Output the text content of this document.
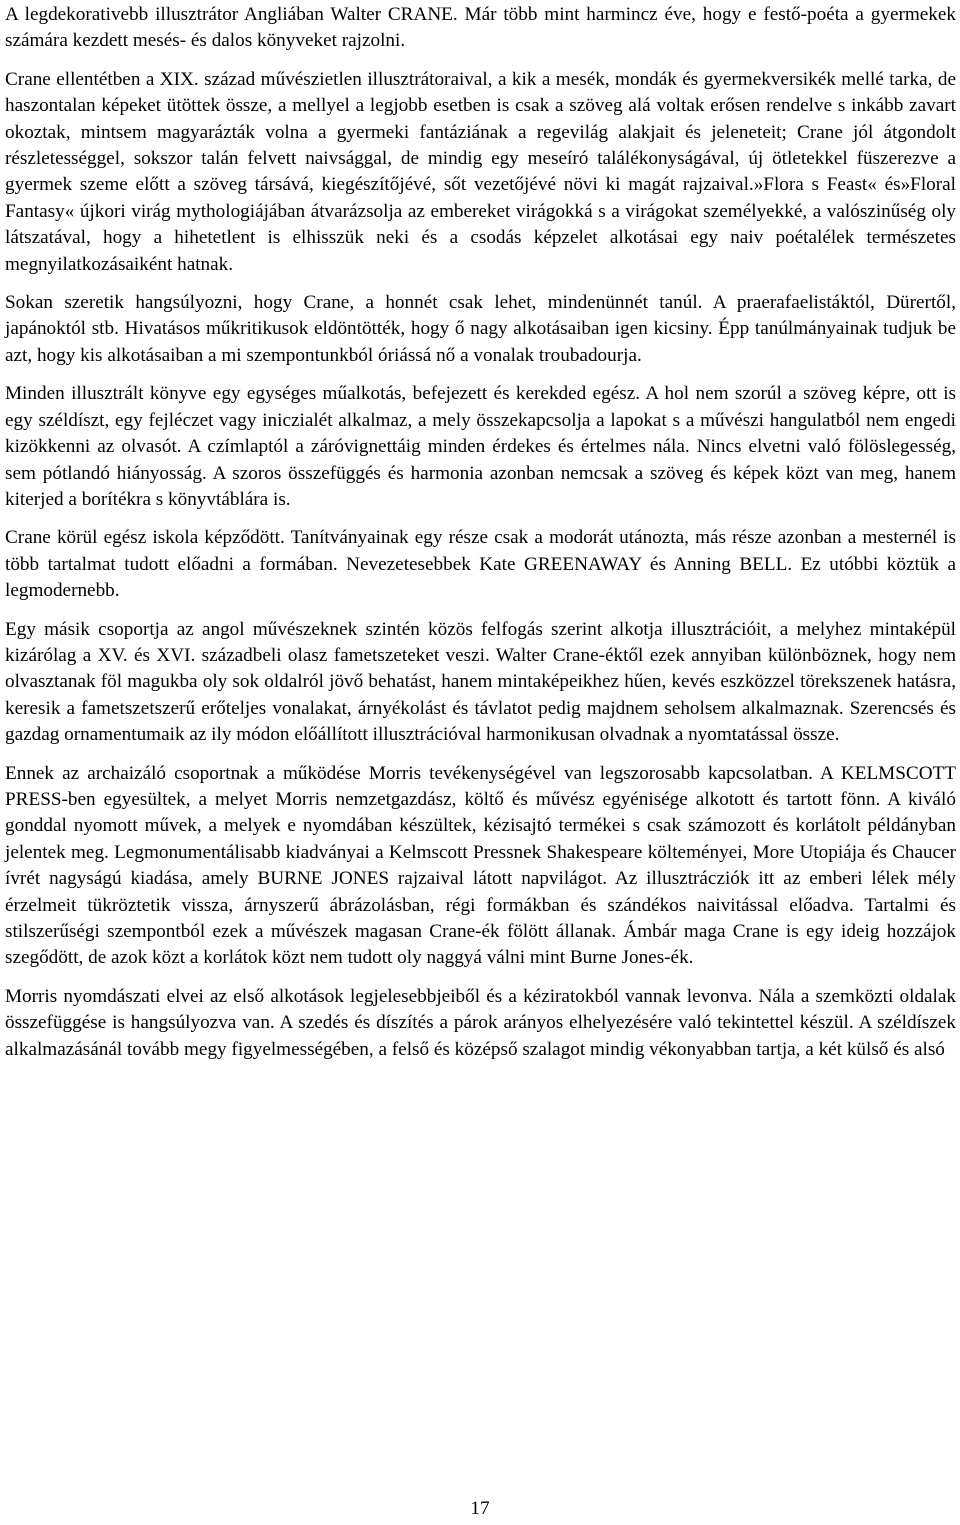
A legdekorativebb illusztrátor Angliában Walter CRANE. Már több mint harmincz éve, hogy e festő-poéta a gyermekek számára kezdett mesés- és dalos könyveket rajzolni.

Crane ellentétben a XIX. század művészietlen illusztrátoraival, a kik a mesék, mondák és gyermekversikék mellé tarka, de haszontalan képeket ütöttek össze, a mellyel a legjobb esetben is csak a szöveg alá voltak erősen rendelve s inkább zavart okoztak, mintsem magyarázták volna a gyermeki fantáziának a regevilág alakjait és jeleneteit; Crane jól átgondolt részletességgel, sokszor talán felvett naivsággal, de mindig egy meseíró találékonyságával, új ötletekkel füszerezve a gyermek szeme előtt a szöveg társává, kiegészítőjévé, sőt vezetőjévé növi ki magát rajzaival.»Flora s Feast« és»Floral Fantasy« újkori virág mythologiájában átvarázsolja az embereket virágokká s a virágokat személyekké, a valószinűség oly látszatával, hogy a hihetetlent is elhisszük neki és a csodás képzelet alkotásai egy naiv poétalélek természetes megnyilatkozásaiként hatnak.

Sokan szeretik hangsúlyozni, hogy Crane, a honnét csak lehet, mindenünnét tanúl. A praerafaelistáktól, Dürertől, japánoktól stb. Hivatásos műkritikusok eldöntötték, hogy ő nagy alkotásaiban igen kicsiny. Épp tanúlmányainak tudjuk be azt, hogy kis alkotásaiban a mi szempontunkból óriássá nő a vonalak troubadourja.

Minden illusztrált könyve egy egységes műalkotás, befejezett és kerekded egész. A hol nem szorúl a szöveg képre, ott is egy széldíszt, egy fejléczet vagy iniczialét alkalmaz, a mely összekapcsolja a lapokat s a művészi hangulatból nem engedi kizökkenni az olvasót. A czímlaptól a záróvignettáig minden érdekes és értelmes nála. Nincs elvetni való fölöslegesség, sem pótlandó hiányosság. A szoros összefüggés és harmonia azonban nemcsak a szöveg és képek közt van meg, hanem kiterjed a borítékra s könyvtáblára is.

Crane körül egész iskola képződött. Tanítványainak egy része csak a modorát utánozta, más része azonban a mesternél is több tartalmat tudott előadni a formában. Nevezetesebbek Kate GREENAWAY és Anning BELL. Ez utóbbi köztük a legmodernebb.

Egy másik csoportja az angol művészeknek szintén közös felfogás szerint alkotja illusztrációit, a melyhez mintaképül kizárólag a XV. és XVI. századbeli olasz fametszeteket veszi. Walter Crane-éktől ezek annyiban különböznek, hogy nem olvasztanak föl magukba oly sok oldalról jövő behatást, hanem mintaképeikhez hűen, kevés eszközzel törekszenek hatásra, keresik a fametszetszerű erőteljes vonalakat, árnyékolást és távlatot pedig majdnem seholsem alkalmaznak. Szerencsés és gazdag ornamentumaik az ily módon előállított illusztrációval harmonikusan olvadnak a nyomtatással össze.

Ennek az archaizáló csoportnak a működése Morris tevékenységével van legszorosabb kapcsolatban. A KELMSCOTT PRESS-ben egyesültek, a melyet Morris nemzetgazdász, költő és művész egyénisége alkotott és tartott fönn. A kiváló gonddal nyomott művek, a melyek e nyomdában készültek, kézisajtó termékei s csak számozott és korlátolt példányban jelentek meg. Legmonumentálisabb kiadványai a Kelmscott Pressnek Shakespeare költeményei, More Utopiája és Chaucer ívrét nagyságú kiadása, amely BURNE JONES rajzaival látott napvilágot. Az illusztrácziók itt az emberi lélek mély érzelmeit tükröztetik vissza, árnyszerű ábrázolásban, régi formákban és szándékos naivitással előadva. Tartalmi és stilszerűségi szempontból ezek a művészek magasan Crane-ék fölött állanak. Ámbár maga Crane is egy ideig hozzájok szegődött, de azok közt a korlátok közt nem tudott oly naggyá válni mint Burne Jones-ék.

Morris nyomdászati elvei az első alkotások legjelesebbjeiből és a kéziratokból vannak levonva. Nála a szemközti oldalak összefüggése is hangsúlyozva van. A szedés és díszítés a párok arányos elhelyezésére való tekintettel készül. A széldíszek alkalmazásánál tovább megy figyelmességében, a felső és középső szalagot mindig vékonyabban tartja, a két külső és alsó

17
